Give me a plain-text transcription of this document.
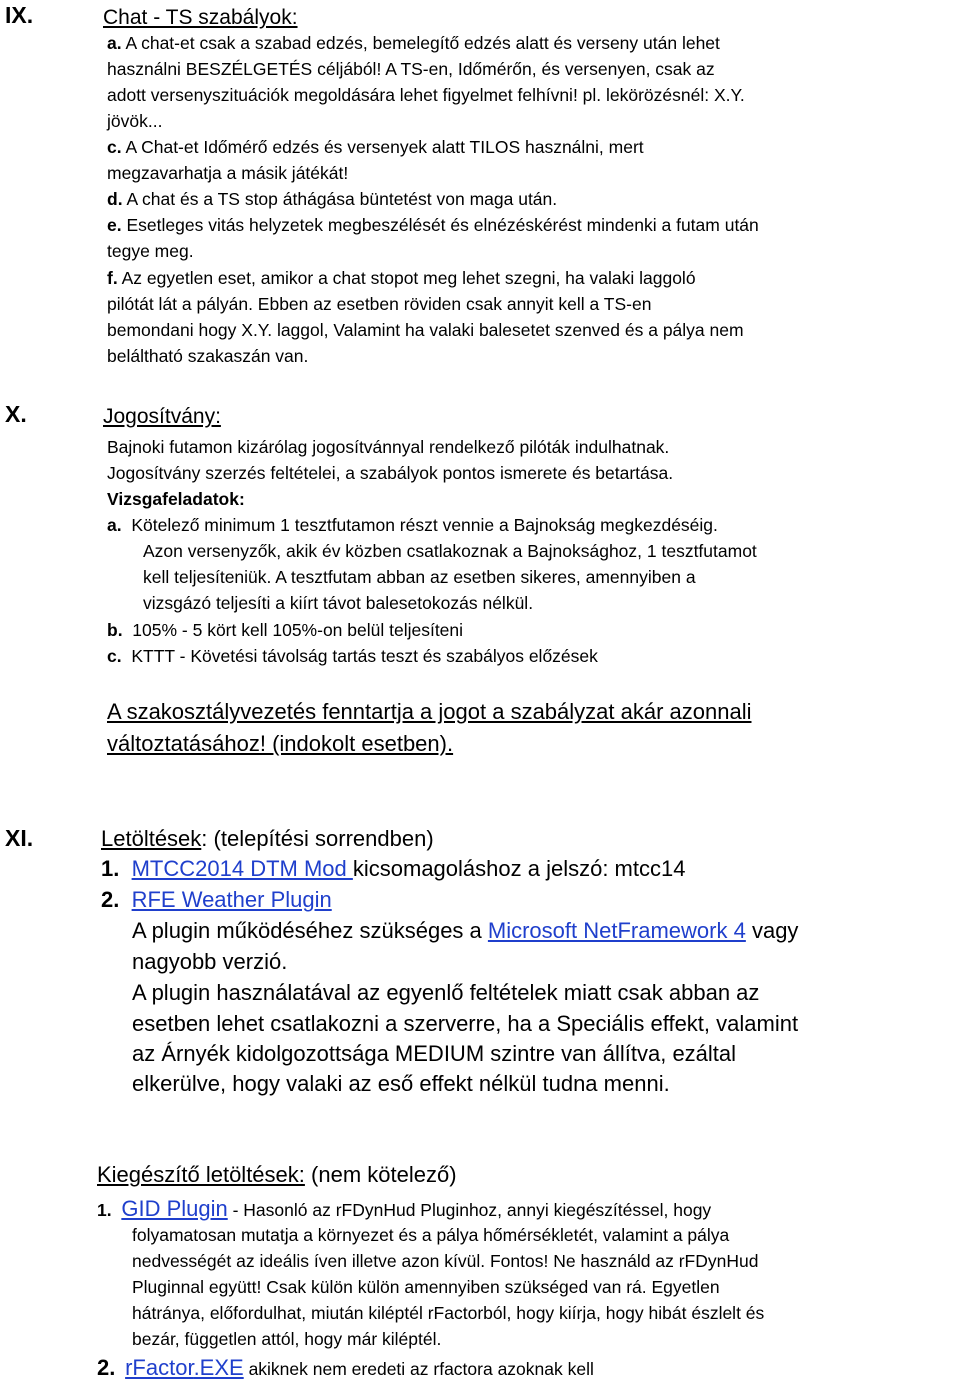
IX.	Chat - TS szabályok:
a. A chat-et csak a szabad edzés, bemelegítő edzés alatt és verseny után lehet
használni BESZÉLGETÉS céljából! A TS-en, Időmérőn, és versenyen, csak az
adott versenyszituációk megoldására lehet figyelmet felhívni! pl. leköröz​ésnél: X.Y.
jövök...
c. A Chat-et Időmérő edzés és versenyek alatt TILOS használni, mert
megzavarhatja a másik játékát!
d. A chat és a TS stop áthágása büntetést von maga után.
e. Esetleges vitás helyzetek megbeszélését és elnézéskérést mindenki a futam után
tegye meg.
f. Az egyetlen eset, amikor a chat stopot meg lehet szegni, ha valaki laggoló
pilótát lát a pályán. Ebben az esetben röviden csak annyit kell a TS-en
bemondani hogy X.Y. laggol, Valamint ha valaki balesetet szenved és a pálya nem
beláltható szakaszán van.
X.	Jogosítvány:
Bajnoki futamon kizárólag jogosítvánnyal rendelkező pilóták indulhatnak.
Jogosítvány szerzés feltételei, a szabályok pontos ismerete és betartása.
Vizsgafeladatok:
a. Kötelező minimum 1 tesztfutamon részt vennie a Bajnokság megkezdéséig.
Azon versenyzők, akik év közben csatlakoznak a Bajnoksághoz, 1 tesztfutamot
kell teljesíteniük. A tesztfutam abban az esetben sikeres, amennyiben a
vizsgázó teljesíti a kiírt távot balesetokozás nélkül.
b. 105% - 5 kört kell 105%-on belül teljesíteni
c. KTTT - Követési távolság tartás teszt és szabályos előzések
A szakosztályvezetés fenntartja a jogot a szabályzat akár azonnali
változtatásához! (indokolt esetben).
XI.	Letöltések: (telepítési sorrendben)
1. MTCC2014 DTM Mod kicsomagoláshoz a jelszó: mtcc14
2. RFE Weather Plugin
A plugin működéséhez szükséges a Microsoft NetFramework 4 vagy
nagyobb verzió.
A plugin használatával az egyenlő feltételek miatt csak abban az
esetben lehet csatlakozni a szerverre, ha a Speciális effekt, valamint
az Árnyék kidolgozottsága MEDIUM szintre van állítva, ezáltal
elkerülve, hogy valaki az eső effekt nélkül tudna menni.
Kiegészítő letöltések: (nem kötelező)
1. GID Plugin - Hasonló az rFDynHud Pluginhoz, annyi kiegészítéssel, hogy
folyamatosan mutatja a környezet és a pálya hőmérsékletét, valamint a pálya
nedvességét az ideális íven illetve azon kívül. Fontos! Ne használd az rFDynHud
Pluginnal együtt! Csak külön külön amennyiben szükséged van rá. Egyetlen
hátránya, előfordulhat, miután kiléptél rFactorból, hogy kiírja, hogy hibát észlelt és
bezár, független attól, hogy már kiléptél.
2. rFactor.EXE akiknek nem eredeti az rfactora azoknak kell
